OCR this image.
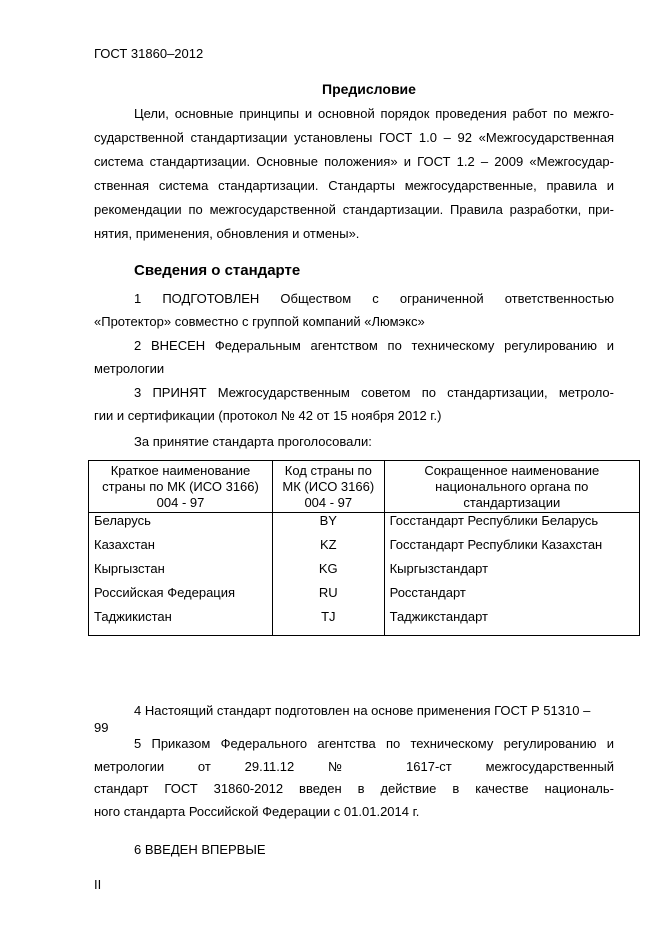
ГОСТ 31860–2012
Предисловие
Цели, основные принципы и основной порядок проведения работ по межго-
сударственной стандартизации установлены ГОСТ 1.0 – 92 «Межгосударственная
система стандартизации. Основные положения» и ГОСТ 1.2 – 2009 «Межгосудар-
ственная система стандартизации. Стандарты межгосударственные, правила и
рекомендации по межгосударственной стандартизации. Правила разработки, при-
нятия, применения, обновления и отмены».
Сведения о стандарте
1 ПОДГОТОВЛЕН Обществом с ограниченной ответственностью
«Протектор» совместно с группой компаний «Люмэкс»
2 ВНЕСЕН Федеральным агентством по техническому регулированию и
метрологии
3 ПРИНЯТ Межгосударственным советом по стандартизации, метроло-
гии и сертификации (протокол № 42 от 15 ноября 2012 г.)
За принятие стандарта проголосовали:
Краткое наименование страны по МК (ИСО 3166) 004 - 97	Код страны по МК (ИСО 3166) 004 - 97	Сокращенное наименование национального органа по стандартизации
Беларусь	BY	Госстандарт Республики Беларусь
Казахстан	KZ	Госстандарт Республики Казахстан
Кыргызстан	KG	Кыргызстандарт
Российская Федерация	RU	Росстандарт
Таджикистан	TJ	Таджикстандарт
4 Настоящий стандарт подготовлен на основе применения ГОСТ Р 51310 –
99
5 Приказом Федерального агентства по техническому регулированию и
метрологии от 29.11.12 № 1617-ст межгосударственный
стандарт ГОСТ 31860-2012 введен в действие в качестве националь-
ного стандарта Российской Федерации с 01.01.2014 г.
6 ВВЕДЕН ВПЕРВЫЕ
II
